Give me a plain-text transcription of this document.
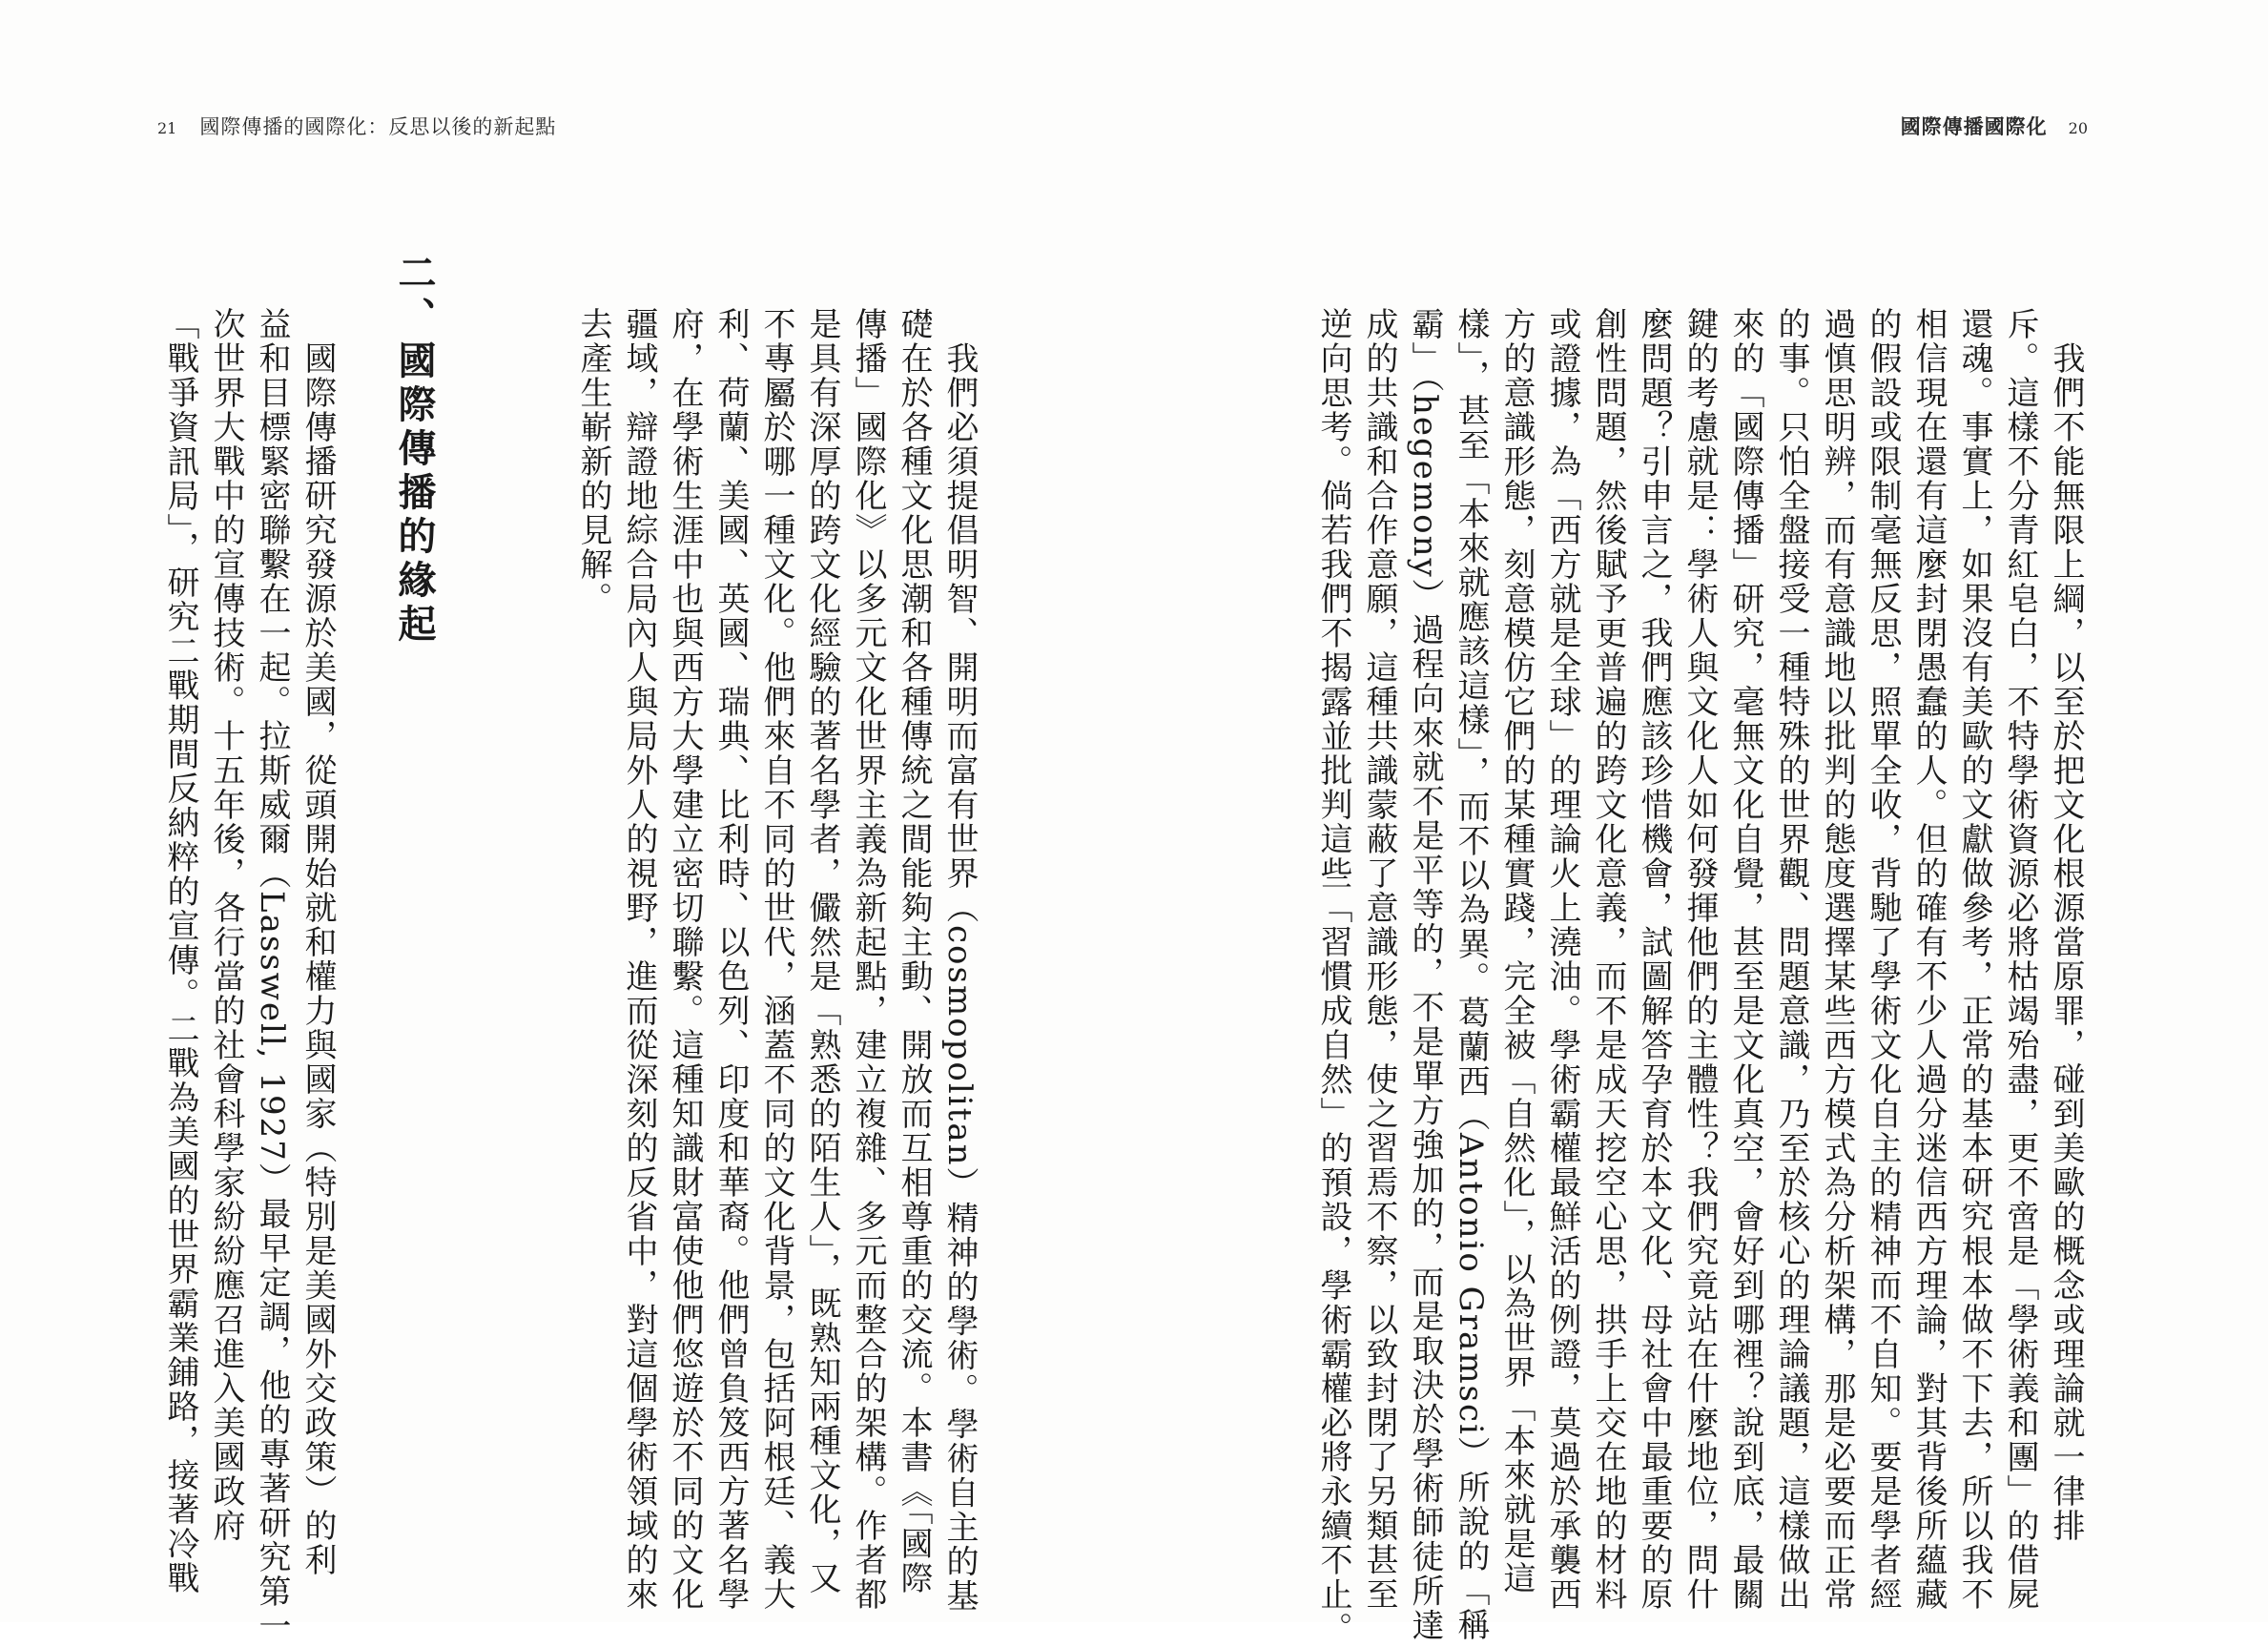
21 國際傳播的國際化：反思以後的新起點
　我們必須提倡明智、開明而富有世界（cosmopolitan）精神的學術。學術自主的基
礎在於各種文化思潮和各種傳統之間能夠主動、開放而互相尊重的交流。本書《「國際
傳播」國際化》以多元文化世界主義為新起點，建立複雜、多元而整合的架構。作者都
是具有深厚的跨文化經驗的著名學者，儼然是「熟悉的陌生人」，既熟知兩種文化，又
不專屬於哪一種文化。他們來自不同的世代，涵蓋不同的文化背景，包括阿根廷、義大
利、荷蘭、美國、英國、瑞典、比利時、以色列、印度和華裔。他們曾負笈西方著名學
府，在學術生涯中也與西方大學建立密切聯繫。這種知識財富使他們悠遊於不同的文化
疆域，辯證地綜合局內人與局外人的視野，進而從深刻的反省中，對這個學術領域的來
去產生嶄新的見解。
二、國際傳播的緣起
　國際傳播研究發源於美國，從頭開始就和權力與國家（特別是美國外交政策）的利
益和目標緊密聯繫在一起。拉斯威爾（Lasswell, 1927）最早定調，他的專著研究第一
次世界大戰中的宣傳技術。十五年後，各行當的社會科學家紛紛應召進入美國政府
「戰爭資訊局」，研究二戰期間反納粹的宣傳。二戰為美國的世界霸業鋪路，接著冷戰
國際傳播國際化 20
　我們不能無限上綱，以至於把文化根源當原罪，碰到美歐的概念或理論就一律排
斥。這樣不分青紅皂白，不特學術資源必將枯竭殆盡，更不啻是「學術義和團」的借屍
還魂。事實上，如果沒有美歐的文獻做參考，正常的基本研究根本做不下去，所以我不
相信現在還有這麼封閉愚蠢的人。但的確有不少人過分迷信西方理論，對其背後所蘊藏
的假設或限制毫無反思，照單全收，背馳了學術文化自主的精神而不自知。要是學者經
過慎思明辨，而有意識地以批判的態度選擇某些西方模式為分析架構，那是必要而正常
的事。只怕全盤接受一種特殊的世界觀、問題意識，乃至於核心的理論議題，這樣做出
來的「國際傳播」研究，毫無文化自覺，甚至是文化真空，會好到哪裡？說到底，最關
鍵的考慮就是：學術人與文化人如何發揮他們的主體性？我們究竟站在什麼地位，問什
麼問題？引申言之，我們應該珍惜機會，試圖解答孕育於本文化、母社會中最重要的原
創性問題，然後賦予更普遍的跨文化意義，而不是成天挖空心思，拱手上交在地的材料
或證據，為「西方就是全球」的理論火上澆油。學術霸權最鮮活的例證，莫過於承襲西
方的意識形態，刻意模仿它們的某種實踐，完全被「自然化」，以為世界「本來就是這
樣」，甚至「本來就應該這樣」，而不以為異。葛蘭西（Antonio Gramsci）所說的「稱
霸」（hegemony）過程向來就不是平等的，不是單方強加的，而是取決於學術師徒所達
成的共識和合作意願，這種共識蒙蔽了意識形態，使之習焉不察，以致封閉了另類甚至
逆向思考。倘若我們不揭露並批判這些「習慣成自然」的預設，學術霸權必將永續不止。
